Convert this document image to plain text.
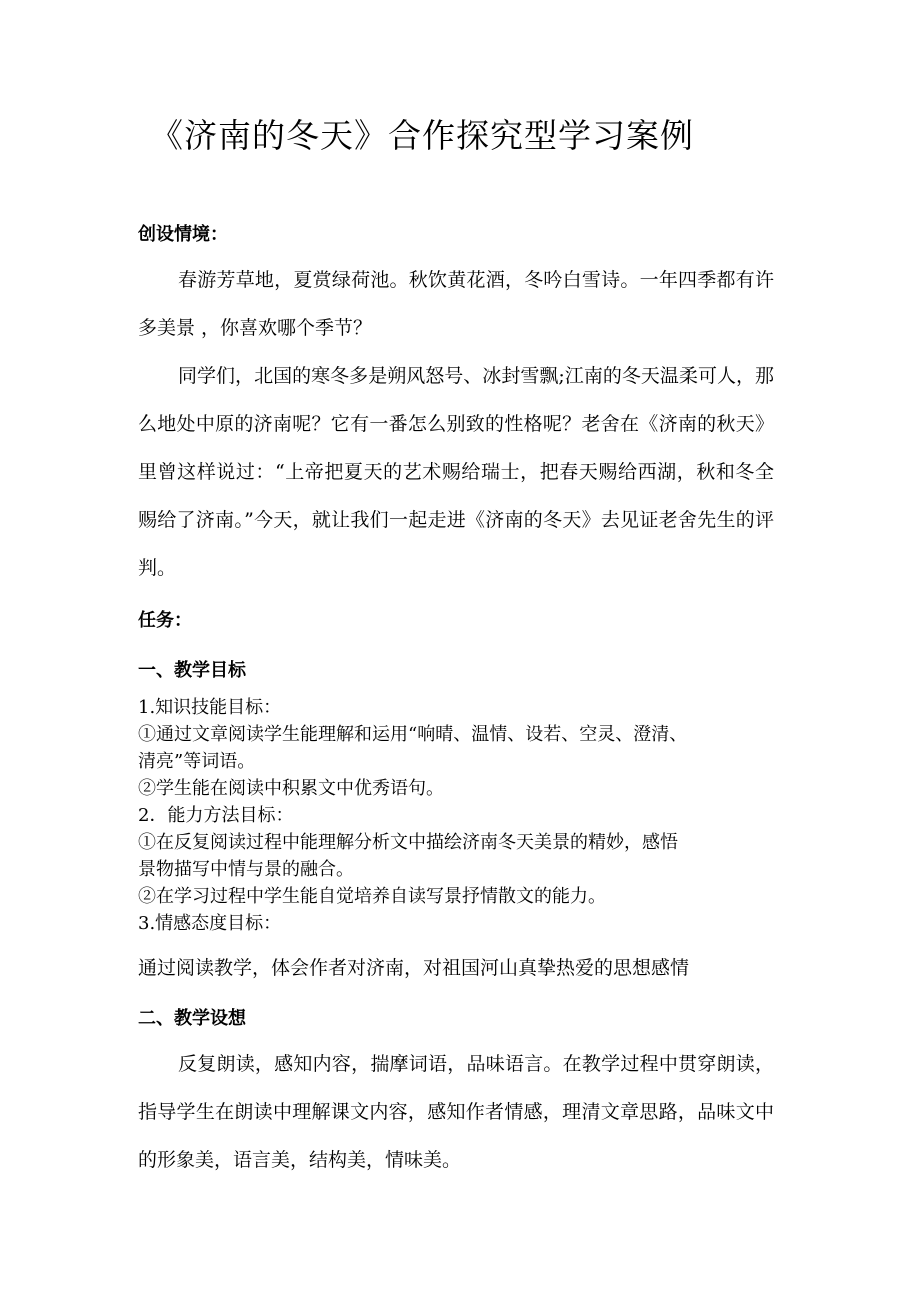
《济南的冬天》合作探究型学习案例
创设情境：

春游芳草地，夏赏绿荷池。秋饮黄花酒，冬吟白雪诗。一年四季都有许多美景 ，你喜欢哪个季节？

同学们，北国的寒冬多是朔风怒号、冰封雪飘;江南的冬天温柔可人，那么地处中原的济南呢？它有一番怎么别致的性格呢？老舍在《济南的秋天》里曾这样说过：“上帝把夏天的艺术赐给瑞士，把春天赐给西湖，秋和冬全赐给了济南。”今天，就让我们一起走进《济南的冬天》去见证老舍先生的评判。

任务：
一、教学目标
1.知识技能目标：
①通过文章阅读学生能理解和运用“响晴、温情、设若、空灵、澄清、
清亮”等词语。
②学生能在阅读中积累文中优秀语句。
2．能力方法目标：
①在反复阅读过程中能理解分析文中描绘济南冬天美景的精妙，感悟
景物描写中情与景的融合。
②在学习过程中学生能自觉培养自读写景抒情散文的能力。
3.情感态度目标：

通过阅读教学，体会作者对济南，对祖国河山真挚热爱的思想感情

二、教学设想

反复朗读，感知内容，揣摩词语，品味语言。在教学过程中贯穿朗读，指导学生在朗读中理解课文内容，感知作者情感，理清文章思路，品味文中的形象美，语言美，结构美，情味美。
